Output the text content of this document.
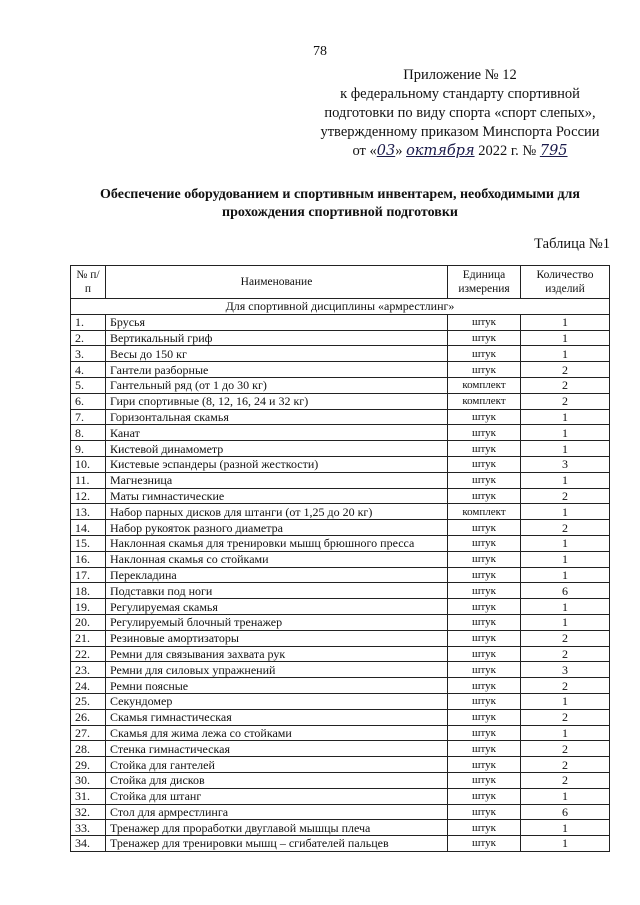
78
Приложение № 12
к федеральному стандарту спортивной
подготовки по виду спорта «спорт слепых»,
утвержденному приказом Минспорта России
от «03» октября 2022 г. № 795
Обеспечение оборудованием и спортивным инвентарем, необходимыми для
прохождения спортивной подготовки
Таблица №1
№ п/п	Наименование	Единица измерения	Количество изделий
Для спортивной дисциплины «армрестлинг»			
1.	Брусья	штук	1
2.	Вертикальный гриф	штук	1
3.	Весы до 150 кг	штук	1
4.	Гантели разборные	штук	2
5.	Гантельный ряд (от 1 до 30 кг)	комплект	2
6.	Гири спортивные (8, 12, 16, 24 и 32 кг)	комплект	2
7.	Горизонтальная скамья	штук	1
8.	Канат	штук	1
9.	Кистевой динамометр	штук	1
10.	Кистевые эспандеры (разной жесткости)	штук	3
11.	Магнезница	штук	1
12.	Маты гимнастические	штук	2
13.	Набор парных дисков для штанги (от 1,25 до 20 кг)	комплект	1
14.	Набор рукояток разного диаметра	штук	2
15.	Наклонная скамья для тренировки мышц брюшного пресса	штук	1
16.	Наклонная скамья со стойками	штук	1
17.	Перекладина	штук	1
18.	Подставки под ноги	штук	6
19.	Регулируемая скамья	штук	1
20.	Регулируемый блочный тренажер	штук	1
21.	Резиновые амортизаторы	штук	2
22.	Ремни для связывания захвата рук	штук	2
23.	Ремни для силовых упражнений	штук	3
24.	Ремни поясные	штук	2
25.	Секундомер	штук	1
26.	Скамья гимнастическая	штук	2
27.	Скамья для жима лежа со стойками	штук	1
28.	Стенка гимнастическая	штук	2
29.	Стойка для гантелей	штук	2
30.	Стойка для дисков	штук	2
31.	Стойка для штанг	штук	1
32.	Стол для армрестлинга	штук	6
33.	Тренажер для проработки двуглавой мышцы плеча	штук	1
34.	Тренажер для тренировки мышц – сгибателей пальцев	штук	1
